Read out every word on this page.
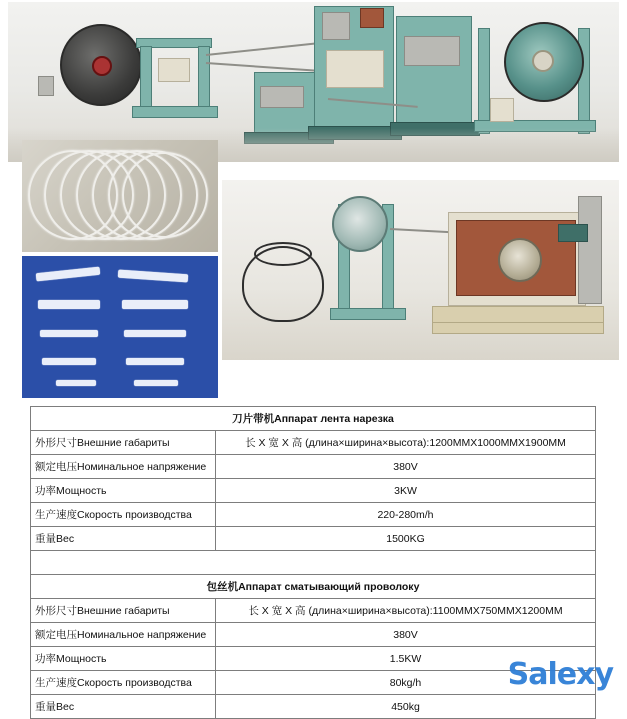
刀片带机Аппарат лента нарезка	
外形尺寸Внешние габариты	长 X 宽 X 高 (длина×ширина×высота):1200MMX1000MMX1900MM
额定电压Номинальное напряжение	380V
功率Мощность	3KW
生产速度Скорость производства	220-280m/h
重量Вес	1500KG

包丝机Аппарат сматывающий проволоку	
外形尺寸Внешние габариты	长 X 宽 X 高 (длина×ширина×высота):1100MMX750MMX1200MM
额定电压Номинальное напряжение	380V
功率Мощность	1.5KW
生产速度Скорость производства	80kg/h
重量Вес	450kg
Salexy
